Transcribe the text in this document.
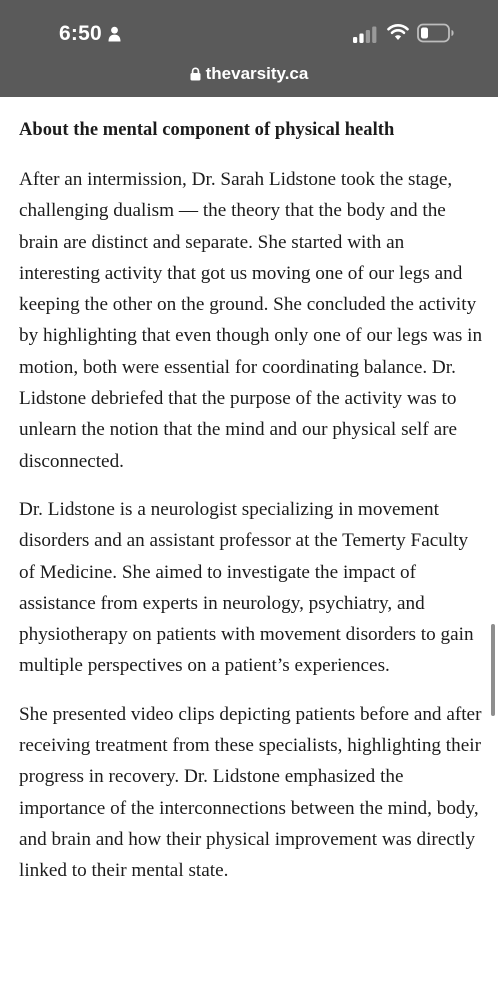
6:50
thevarsity.ca
About the mental component of physical health

After an intermission, Dr. Sarah Lidstone took the stage, challenging dualism — the theory that the body and the brain are distinct and separate. She started with an interesting activity that got us moving one of our legs and keeping the other on the ground. She concluded the activity by highlighting that even though only one of our legs was in motion, both were essential for coordinating balance. Dr. Lidstone debriefed that the purpose of the activity was to unlearn the notion that the mind and our physical self are disconnected.

Dr. Lidstone is a neurologist specializing in movement disorders and an assistant professor at the Temerty Faculty of Medicine. She aimed to investigate the impact of assistance from experts in neurology, psychiatry, and physiotherapy on patients with movement disorders to gain multiple perspectives on a patient’s experiences.

She presented video clips depicting patients before and after receiving treatment from these specialists, highlighting their progress in recovery. Dr. Lidstone emphasized the importance of the interconnections between the mind, body, and brain and how their physical improvement was directly linked to their mental state.
